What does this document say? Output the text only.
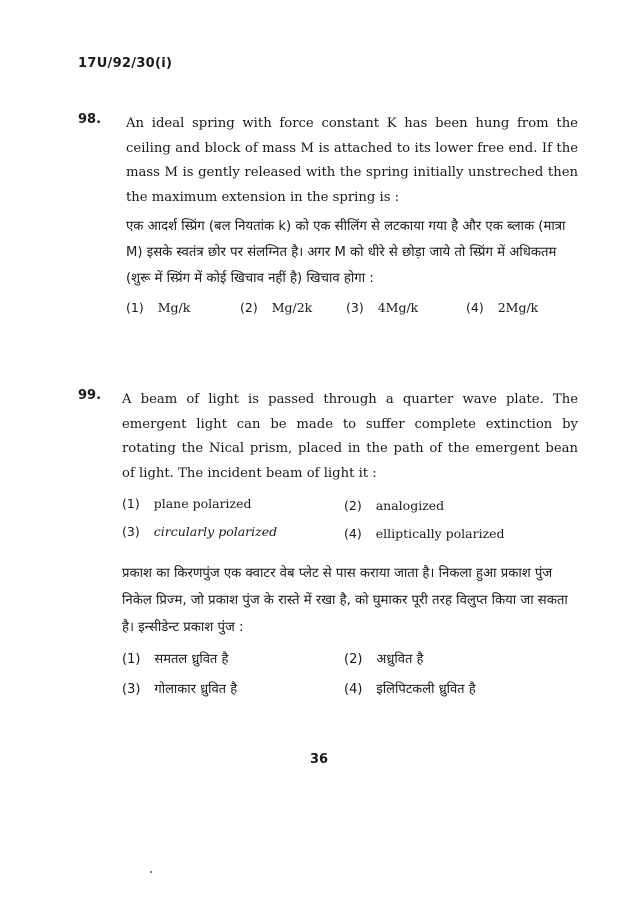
17U/92/30(i)
98. An ideal spring with force constant K has been hung from the ceiling and block of mass M is attached to its lower free end. If the mass M is gently released with the spring initially unstreched then the maximum extension in the spring is :
एक आदर्श स्प्रिंग (बल नियतांक k) को एक सीलिंग से लटकाया गया है और एक ब्लाक (मात्रा M) इसके स्वतंत्र छोर पर संलग्नित है। अगर M को धीरे से छोड़ा जाये तो स्प्रिंग में अधिकतम (शुरू में स्प्रिंग में कोई खिचाव नहीं है) खिचाव होगा :
(1) Mg/k	(2) Mg/2k	(3) 4Mg/k	(4) 2Mg/k
99. A beam of light is passed through a quarter wave plate. The emergent light can be made to suffer complete extinction by rotating the Nical prism, placed in the path of the emergent bean of light. The incident beam of light it :
(1) plane polarized	(2) analogized
(3) circularly polarized	(4) elliptically polarized
प्रकाश का किरणपुंज एक क्वाटर वेब प्लेट से पास कराया जाता है। निकला हुआ प्रकाश पुंज निकेल प्रिज्म, जो प्रकाश पुंज के रास्ते में रखा है, को घुमाकर पूरी तरह विलुप्त किया जा सकता है। इन्सीडेन्ट प्रकाश पुंज :
(1) समतल ध्रुवित है	(2) अध्रुवित है
(3) गोलाकार ध्रुवित है	(4) इलिपिटकली ध्रुवित है
36
